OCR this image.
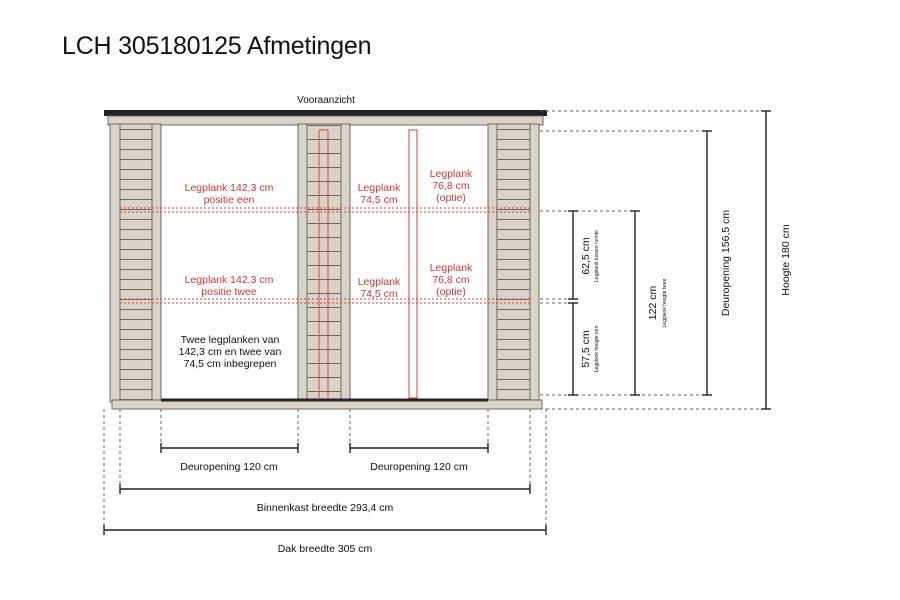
LCH 305180125 Afmetingen
Vooraanzicht
Legplank 142,3 cm positie een
Legplank 142,3 cm positie twee
Legplank 74,5 cm
Legplank 74,5 cm
Legplank 76,8 cm (optie)
Legplank 76,8 cm (optie)
Twee legplanken van 142,3 cm en twee van 74,5 cm inbegrepen
Deuropening 120 cm	Deuropening 120 cm
Binnenkast breedte 293,4 cm
Dak breedte 305 cm
62,5 cm Legplank tussen ruimte
57,5 cm Legplank hoogte een
122 cm Legplank hoogte twee	Deuropening 156,5 cm	Hoogte 180 cm
